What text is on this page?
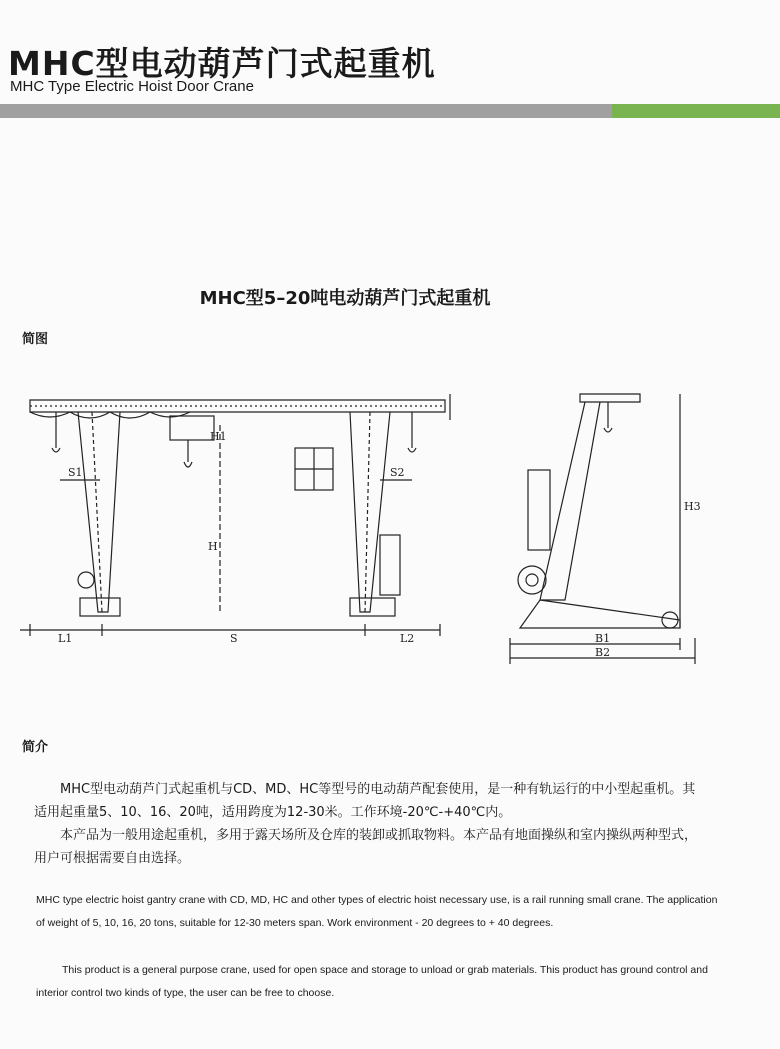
MHC型电动葫芦门式起重机
MHC Type Electric Hoist Door Crane
MHC型5–20吨电动葫芦门式起重机
简图
S1	S2
H1
H
H3
L1	S	L2	B1
B2
简介

MHC型电动葫芦门式起重机与CD、MD、HC等型号的电动葫芦配套使用，是一种有轨运行的中小型起重机。其适用起重量5、10、16、20吨，适用跨度为12-30米。工作环境-20℃-+40℃内。

本产品为一般用途起重机，多用于露天场所及仓库的装卸或抓取物料。本产品有地面操纵和室内操纵两种型式，用户可根据需要自由选择。

MHC type electric hoist gantry crane with CD, MD, HC and other types of electric hoist necessary use, is a rail running small crane. The application of weight of 5, 10, 16, 20 tons, suitable for 12-30 meters span. Work environment - 20 degrees to + 40 degrees.

This product is a general purpose crane, used for open space and storage to unload or grab materials. This product has ground control and interior control two kinds of type, the user can be free to choose.
